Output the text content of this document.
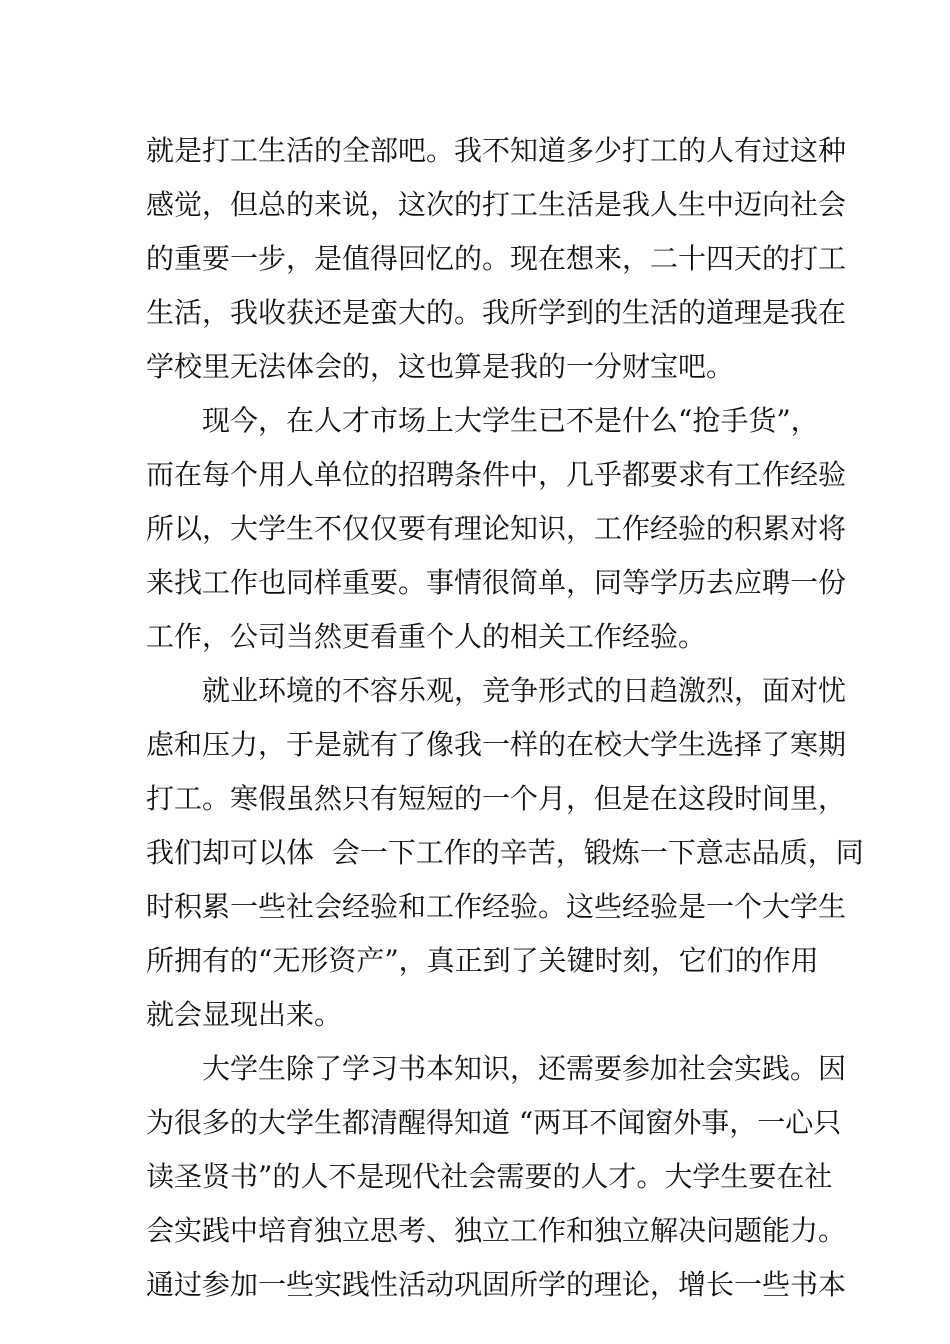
就是打工生活的全部吧。我不知道多少打工的人有过这种
感觉，但总的来说，这次的打工生活是我人生中迈向社会
的重要一步，是值得回忆的。现在想来，二十四天的打工
生活，我收获还是蛮大的。我所学到的生活的道理是我在
学校里无法体会的，这也算是我的一分财宝吧。
现今，在人才市场上大学生已不是什么“抢手货”，
而在每个用人单位的招聘条件中，几乎都要求有工作经验
所以，大学生不仅仅要有理论知识，工作经验的积累对将
来找工作也同样重要。事情很简单，同等学历去应聘一份
工作，公司当然更看重个人的相关工作经验。
就业环境的不容乐观，竞争形式的日趋激烈，面对忧
虑和压力，于是就有了像我一样的在校大学生选择了寒期
打工。寒假虽然只有短短的一个月，但是在这段时间里，
我们却可以体  会一下工作的辛苦，锻炼一下意志品质，同
时积累一些社会经验和工作经验。这些经验是一个大学生
所拥有的“无形资产”，真正到了关键时刻，它们的作用
就会显现出来。
大学生除了学习书本知识，还需要参加社会实践。因
为很多的大学生都清醒得知道 “两耳不闻窗外事，一心只
读圣贤书”的人不是现代社会需要的人才。大学生要在社
会实践中培育独立思考、独立工作和独立解决问题能力。
通过参加一些实践性活动巩固所学的理论，增长一些书本
